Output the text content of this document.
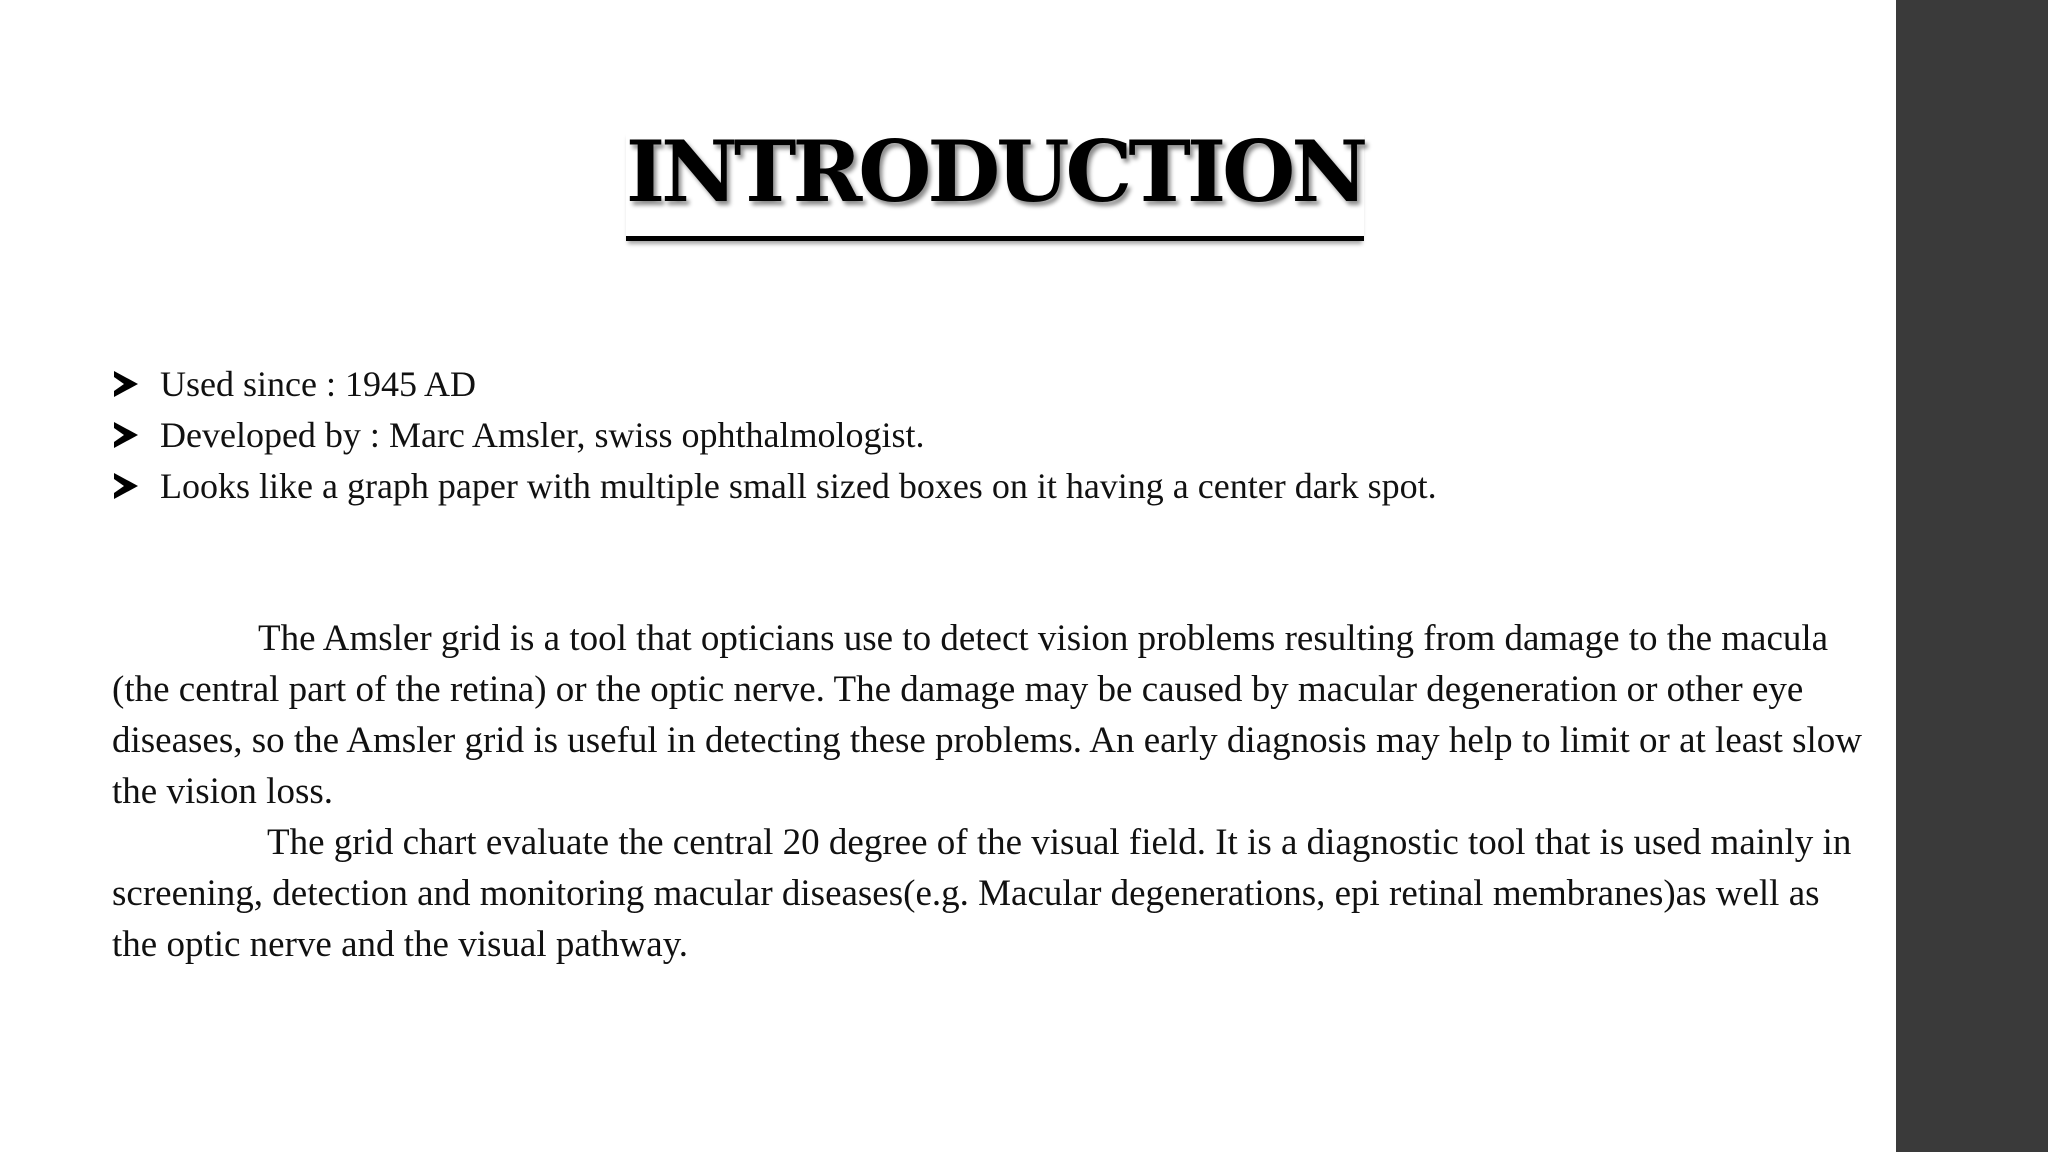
INTRODUCTION
Used since : 1945 AD
Developed by : Marc Amsler, swiss ophthalmologist.
Looks like a graph paper with multiple small sized boxes on it having a center dark spot.

The Amsler grid is a tool that opticians use to detect vision problems resulting from damage to the macula (the central part of the retina) or the optic nerve. The damage may be caused by macular degeneration or other eye diseases, so the Amsler grid is useful in detecting these problems. An early diagnosis may help to limit or at least slow the vision loss.

The grid chart evaluate the central 20 degree of the visual field. It is a diagnostic tool that is used mainly in screening, detection and monitoring macular diseases(e.g. Macular degenerations, epi retinal membranes)as well as the optic nerve and the visual pathway.
